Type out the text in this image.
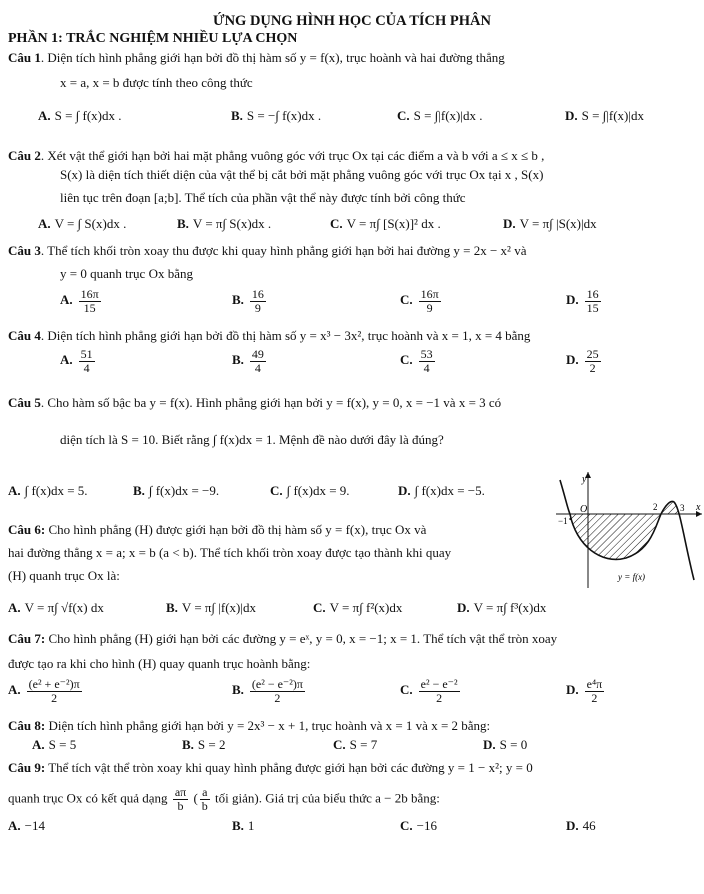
ỨNG DỤNG HÌNH HỌC CỦA TÍCH PHÂN
PHẦN 1: TRẮC NGHIỆM NHIỀU LỰA CHỌN
Câu 1. Diện tích hình phẳng giới hạn bởi đồ thị hàm số y = f(x), trục hoành và hai đường thẳng
x = a, x = b được tính theo công thức
A. S = ∫ f(x)dx .	B. S = −∫ f(x)dx .	C. S = ∫|f(x)|dx .	D. S = ∫|f(x)|dx
Câu 2. Xét vật thể giới hạn bởi hai mặt phẳng vuông góc với trục Ox tại các điểm a và b với a ≤ x ≤ b ,
S(x) là diện tích thiết diện của vật thể bị cắt bởi mặt phẳng vuông góc với trục Ox tại x , S(x)
liên tục trên đoạn [a;b]. Thể tích của phần vật thể này được tính bởi công thức
A. V = ∫ S(x)dx .	B. V = π∫ S(x)dx .	C. V = π∫ [S(x)]² dx .	D. V = π∫ |S(x)|dx
Câu 3. Thể tích khối tròn xoay thu được khi quay hình phẳng giới hạn bởi hai đường y = 2x − x² và
y = 0 quanh trục Ox bằng
A. $\frac{16\pi}{15}$	B. $\frac{16}{9}$	C. $\frac{16\pi}{9}$	D. $\frac{16}{15}$
Câu 4. Diện tích hình phẳng giới hạn bởi đồ thị hàm số y = x³ − 3x², trục hoành và x = 1, x = 4 bằng
A. $\frac{51}{4}$	B. $\frac{49}{4}$	C. $\frac{53}{4}$	D. $\frac{25}{2}$
Câu 5. Cho hàm số bậc ba y = f(x). Hình phẳng giới hạn bởi y = f(x), y = 0, x = −1 và x = 3 có
diện tích là S = 10. Biết rằng ∫ f(x)dx = 1. Mệnh đề nào dưới đây là đúng?
A. ∫ f(x)dx = 5.	B. ∫ f(x)dx = −9.	C. ∫ f(x)dx = 9.	D. ∫ f(x)dx = −5.
y
x
O
−1
2	3
y = f(x)
Câu 6: Cho hình phẳng (H) được giới hạn bởi đồ thị hàm số y = f(x), trục Ox và
hai đường thẳng x = a; x = b (a < b). Thể tích khối tròn xoay được tạo thành khi quay
(H) quanh trục Ox là:
A. V = π∫ √f(x) dx	B. V = π∫ |f(x)|dx	C. V = π∫ f²(x)dx	D. V = π∫ f³(x)dx
Câu 7: Cho hình phẳng (H) giới hạn bởi các đường y = eˣ, y = 0, x = −1; x = 1. Thể tích vật thể tròn xoay
được tạo ra khi cho hình (H) quay quanh trục hoành bằng:
A. $\frac{\text{(e² + e⁻²)π}}{2}$	B. $\frac{\text{(e² − e⁻²)π}}{2}$	C. $\frac{\text{e² − e⁻²}}{2}$	D. $\frac{\text{e⁴π}}{2}$
Câu 8: Diện tích hình phẳng giới hạn bởi y = 2x³ − x + 1, trục hoành và x = 1 và x = 2 bằng:
A. S = 5	B. S = 2	C. S = 7	D. S = 0
Câu 9: Thể tích vật thể tròn xoay khi quay hình phẳng được giới hạn bởi các đường y = 1 − x²; y = 0
quanh trục Ox có kết quả dạng $\frac{a\pi}{b}$ ( $\frac{a}{b}$ tối giản). Giá trị của biểu thức a − 2b bằng:
A. −14	B. 1	C. −16	D. 46
